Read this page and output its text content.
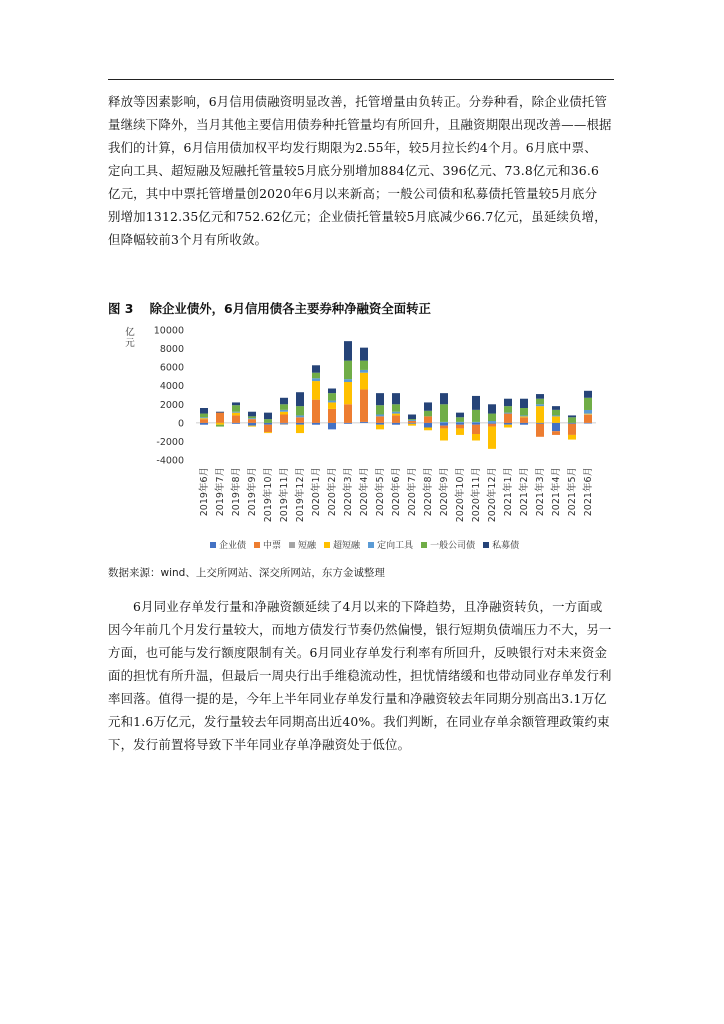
释放等因素影响，6月信用债融资明显改善，托管增量由负转正。分券种看，除企业债托管
量继续下降外，当月其他主要信用债券种托管量均有所回升，且融资期限出现改善——根据
我们的计算，6月信用债加权平均发行期限为2.55年，较5月拉长约4个月。6月底中票、
定向工具、超短融及短融托管量较5月底分别增加884亿元、396亿元、73.8亿元和36.6
亿元，其中中票托管增量创2020年6月以来新高；一般公司债和私募债托管量较5月底分
别增加1312.35亿元和752.62亿元；企业债托管量较5月底减少66.7亿元，虽延续负增，
但降幅较前3个月有所收敛。
图 3 除企业债外，6月信用债各主要券种净融资全面转正
亿
元
-4000
-2000
0
2000
4000
6000
8000
10000
2019年6月 2019年7月 2019年8月 2019年9月 2019年10月 2019年11月 2019年12月 2020年1月 2020年2月 2020年3月 2020年4月 2020年5月 2020年6月 2020年7月 2020年8月 2020年9月 2020年10月 2020年11月 2020年12月 2021年1月 2021年2月 2021年3月 2021年4月 2021年5月 2021年6月
企业债 中票 短融 超短融 定向工具 一般公司债 私募债
数据来源：wind、上交所网站、深交所网站，东方金诚整理
6月同业存单发行量和净融资额延续了4月以来的下降趋势，且净融资转负，一方面或
因今年前几个月发行量较大，而地方债发行节奏仍然偏慢，银行短期负债端压力不大，另一
方面，也可能与发行额度限制有关。6月同业存单发行利率有所回升，反映银行对未来资金
面的担忧有所升温，但最后一周央行出手维稳流动性，担忧情绪缓和也带动同业存单发行利
率回落。值得一提的是，今年上半年同业存单发行量和净融资较去年同期分别高出3.1万亿
元和1.6万亿元，发行量较去年同期高出近40%。我们判断，在同业存单余额管理政策约束
下，发行前置将导致下半年同业存单净融资处于低位。
